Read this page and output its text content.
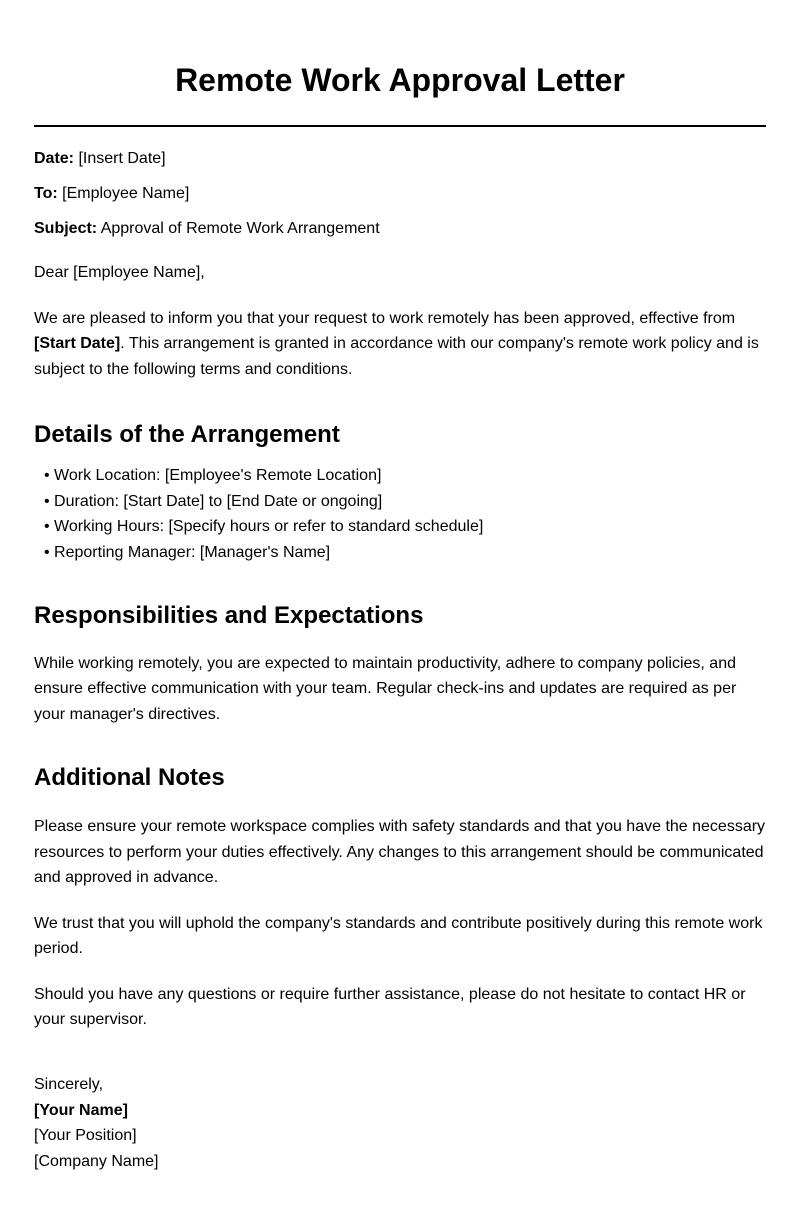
Remote Work Approval Letter

Date: [Insert Date]

To: [Employee Name]

Subject: Approval of Remote Work Arrangement

Dear [Employee Name],

We are pleased to inform you that your request to work remotely has been approved, effective from [Start Date]. This arrangement is granted in accordance with our company's remote work policy and is subject to the following terms and conditions.

Details of the Arrangement
• Work Location: [Employee's Remote Location]
• Duration: [Start Date] to [End Date or ongoing]
• Working Hours: [Specify hours or refer to standard schedule]
• Reporting Manager: [Manager's Name]
Responsibilities and Expectations

While working remotely, you are expected to maintain productivity, adhere to company policies, and ensure effective communication with your team. Regular check-ins and updates are required as per your manager's directives.

Additional Notes

Please ensure your remote workspace complies with safety standards and that you have the necessary resources to perform your duties effectively. Any changes to this arrangement should be communicated and approved in advance.

We trust that you will uphold the company's standards and contribute positively during this remote work period.

Should you have any questions or require further assistance, please do not hesitate to contact HR or your supervisor.

Sincerely,

[Your Name]

[Your Position]

[Company Name]
